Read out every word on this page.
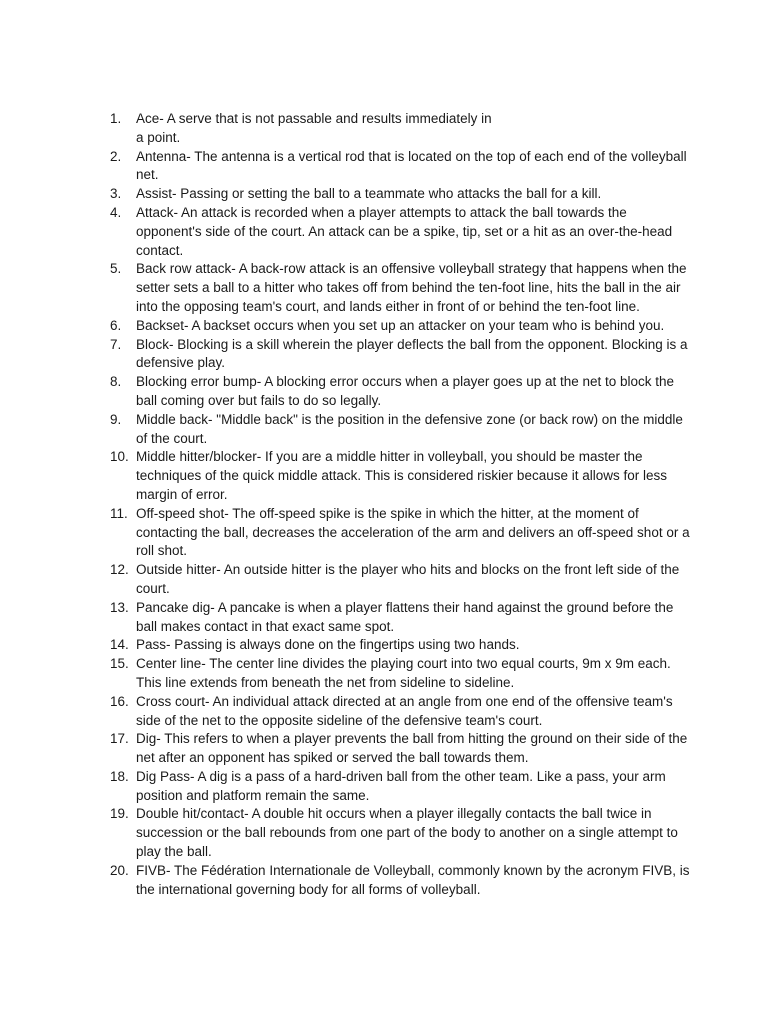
1.	Ace- A serve that is not passable and results immediately in a point.
2.	Antenna- The antenna is a vertical rod that is located on the top of each end of the volleyball net.
3.	Assist- Passing or setting the ball to a teammate who attacks the ball for a kill.
4.	Attack- An attack is recorded when a player attempts to attack the ball towards the opponent's side of the court. An attack can be a spike, tip, set or a hit as an over-the-head contact.
5.	Back row attack- A back-row attack is an offensive volleyball strategy that happens when the setter sets a ball to a hitter who takes off from behind the ten-foot line, hits the ball in the air into the opposing team's court, and lands either in front of or behind the ten-foot line.
6.	Backset- A backset occurs when you set up an attacker on your team who is behind you.
7.	Block- Blocking is a skill wherein the player deflects the ball from the opponent. Blocking is a defensive play.
8.	Blocking error bump- A blocking error occurs when a player goes up at the net to block the ball coming over but fails to do so legally.
9.	Middle back- "Middle back" is the position in the defensive zone (or back row) on the middle of the court.
10. Middle hitter/blocker- If you are a middle hitter in volleyball, you should be master the techniques of the quick middle attack. This is considered riskier because it allows for less margin of error.
11. Off-speed shot- The off-speed spike is the spike in which the hitter, at the moment of contacting the ball, decreases the acceleration of the arm and delivers an off-speed shot or a roll shot.
12. Outside hitter- An outside hitter is the player who hits and blocks on the front left side of the court.
13. Pancake dig- A pancake is when a player flattens their hand against the ground before the ball makes contact in that exact same spot.
14. Pass- Passing is always done on the fingertips using two hands.
15. Center line- The center line divides the playing court into two equal courts, 9m x 9m each. This line extends from beneath the net from sideline to sideline.
16. Cross court- An individual attack directed at an angle from one end of the offensive team's side of the net to the opposite sideline of the defensive team's court.
17. Dig- This refers to when a player prevents the ball from hitting the ground on their side of the net after an opponent has spiked or served the ball towards them.
18. Dig Pass- A dig is a pass of a hard-driven ball from the other team. Like a pass, your arm position and platform remain the same.
19. Double hit/contact- A double hit occurs when a player illegally contacts the ball twice in succession or the ball rebounds from one part of the body to another on a single attempt to play the ball.
20. FIVB- The Fédération Internationale de Volleyball, commonly known by the acronym FIVB, is the international governing body for all forms of volleyball.
